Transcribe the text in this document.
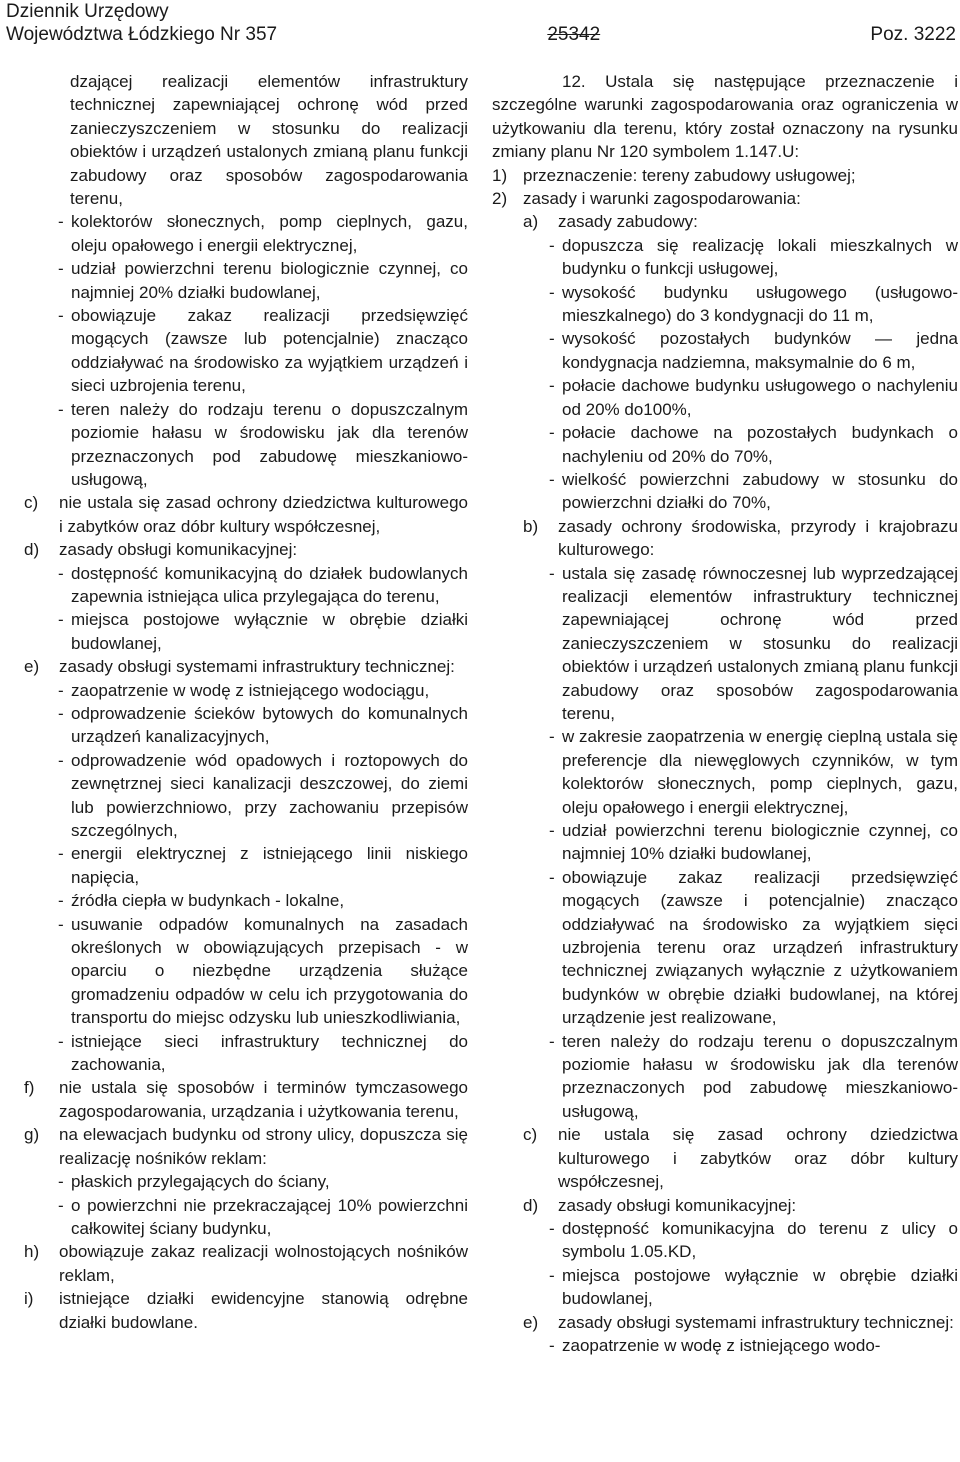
Dziennik Urzędowy
Województwa Łódzkiego Nr 357	25342	Poz. 3222
dzającej realizacji elementów infrastruktury technicznej zapewniającej ochronę wód przed zanieczyszczeniem w stosunku do realizacji obiektów i urządzeń ustalonych zmianą planu funkcji zabudowy oraz sposobów zagospodarowania terenu,
- kolektorów słonecznych, pomp cieplnych, gazu, oleju opałowego i energii elektrycznej,
- udział powierzchni terenu biologicznie czynnej, co najmniej 20% działki budowlanej,
- obowiązuje zakaz realizacji przedsięwzięć mogących (zawsze lub potencjalnie) znacząco oddziaływać na środowisko za wyjątkiem urządzeń i sieci uzbrojenia terenu,
- teren należy do rodzaju terenu o dopuszczalnym poziomie hałasu w środowisku jak dla terenów przeznaczonych pod zabudowę mieszkaniowo-usługową,
c)	nie ustala się zasad ochrony dziedzictwa kulturowego i zabytków oraz dóbr kultury współczesnej,
d)	zasady obsługi komunikacyjnej:
- dostępność komunikacyjną do działek budowlanych zapewnia istniejąca ulica przylegająca do terenu,
- miejsca postojowe wyłącznie w obrębie działki budowlanej,
e)	zasady obsługi systemami infrastruktury technicznej:
- zaopatrzenie w wodę z istniejącego wodociągu,
- odprowadzenie ścieków bytowych do komunalnych urządzeń kanalizacyjnych,
- odprowadzenie wód opadowych i roztopowych do zewnętrznej sieci kanalizacji deszczowej, do ziemi lub powierzchniowo, przy zachowaniu przepisów szczególnych,
- energii elektrycznej z istniejącego linii niskiego napięcia,
- źródła ciepła w budynkach - lokalne,
- usuwanie odpadów komunalnych na zasadach określonych w obowiązujących przepisach - w oparciu o niezbędne urządzenia służące gromadzeniu odpadów w celu ich przygotowania do transportu do miejsc odzysku lub unieszkodliwiania,
- istniejące sieci infrastruktury technicznej do zachowania,
f)	nie ustala się sposobów i terminów tymczasowego zagospodarowania, urządzania i użytkowania terenu,
g)	na elewacjach budynku od strony ulicy, dopuszcza się realizację nośników reklam:
- płaskich przylegających do ściany,
- o powierzchni nie przekraczającej 10% powierzchni całkowitej ściany budynku,
h)	obowiązuje zakaz realizacji wolnostojących nośników reklam,
i)	istniejące działki ewidencyjne stanowią odrębne działki budowlane.
12. Ustala się następujące przeznaczenie i szczególne warunki zagospodarowania oraz ograniczenia w użytkowaniu dla terenu, który został oznaczony na rysunku zmiany planu Nr 120 symbolem 1.147.U:
1) przeznaczenie: tereny zabudowy usługowej;
2) zasady i warunki zagospodarowania:
a)	zasady zabudowy:
- dopuszcza się realizację lokali mieszkalnych w budynku o funkcji usługowej,
- wysokość budynku usługowego (usługowo-mieszkalnego) do 3 kondygnacji do 11 m,
- wysokość pozostałych budynków — jedna kondygnacja nadziemna, maksymalnie do 6 m,
- połacie dachowe budynku usługowego o nachyleniu od 20% do100%,
- połacie dachowe na pozostałych budynkach o nachyleniu od 20% do 70%,
- wielkość powierzchni zabudowy w stosunku do powierzchni działki do 70%,
b)	zasady ochrony środowiska, przyrody i krajobrazu kulturowego:
- ustala się zasadę równoczesnej lub wyprzedzającej realizacji elementów infrastruktury technicznej zapewniającej ochronę wód przed zanieczyszczeniem w stosunku do realizacji obiektów i urządzeń ustalonych zmianą planu funkcji zabudowy oraz sposobów zagospodarowania terenu,
- w zakresie zaopatrzenia w energię cieplną ustala się preferencje dla niewęglowych czynników, w tym kolektorów słonecznych, pomp cieplnych, gazu, oleju opałowego i energii elektrycznej,
- udział powierzchni terenu biologicznie czynnej, co najmniej 10% działki budowlanej,
- obowiązuje zakaz realizacji przedsięwzięć mogących (zawsze i potencjalnie) znacząco oddziaływać na środowisko za wyjątkiem sięci uzbrojenia terenu oraz urządzeń infrastruktury technicznej związanych wyłącznie z użytkowaniem budynków w obrębie działki budowlanej, na której urządzenie jest realizowane,
- teren należy do rodzaju terenu o dopuszczalnym poziomie hałasu w środowisku jak dla terenów przeznaczonych pod zabudowę mieszkaniowo-usługową,
c)	nie ustala się zasad ochrony dziedzictwa kulturowego i zabytków oraz dóbr kultury współczesnej,
d)	zasady obsługi komunikacyjnej:
- dostępność komunikacyjna do terenu z ulicy o symbolu 1.05.KD,
- miejsca postojowe wyłącznie w obrębie działki budowlanej,
e)	zasady obsługi systemami infrastruktury technicznej:
- zaopatrzenie w wodę z istniejącego wodo-
